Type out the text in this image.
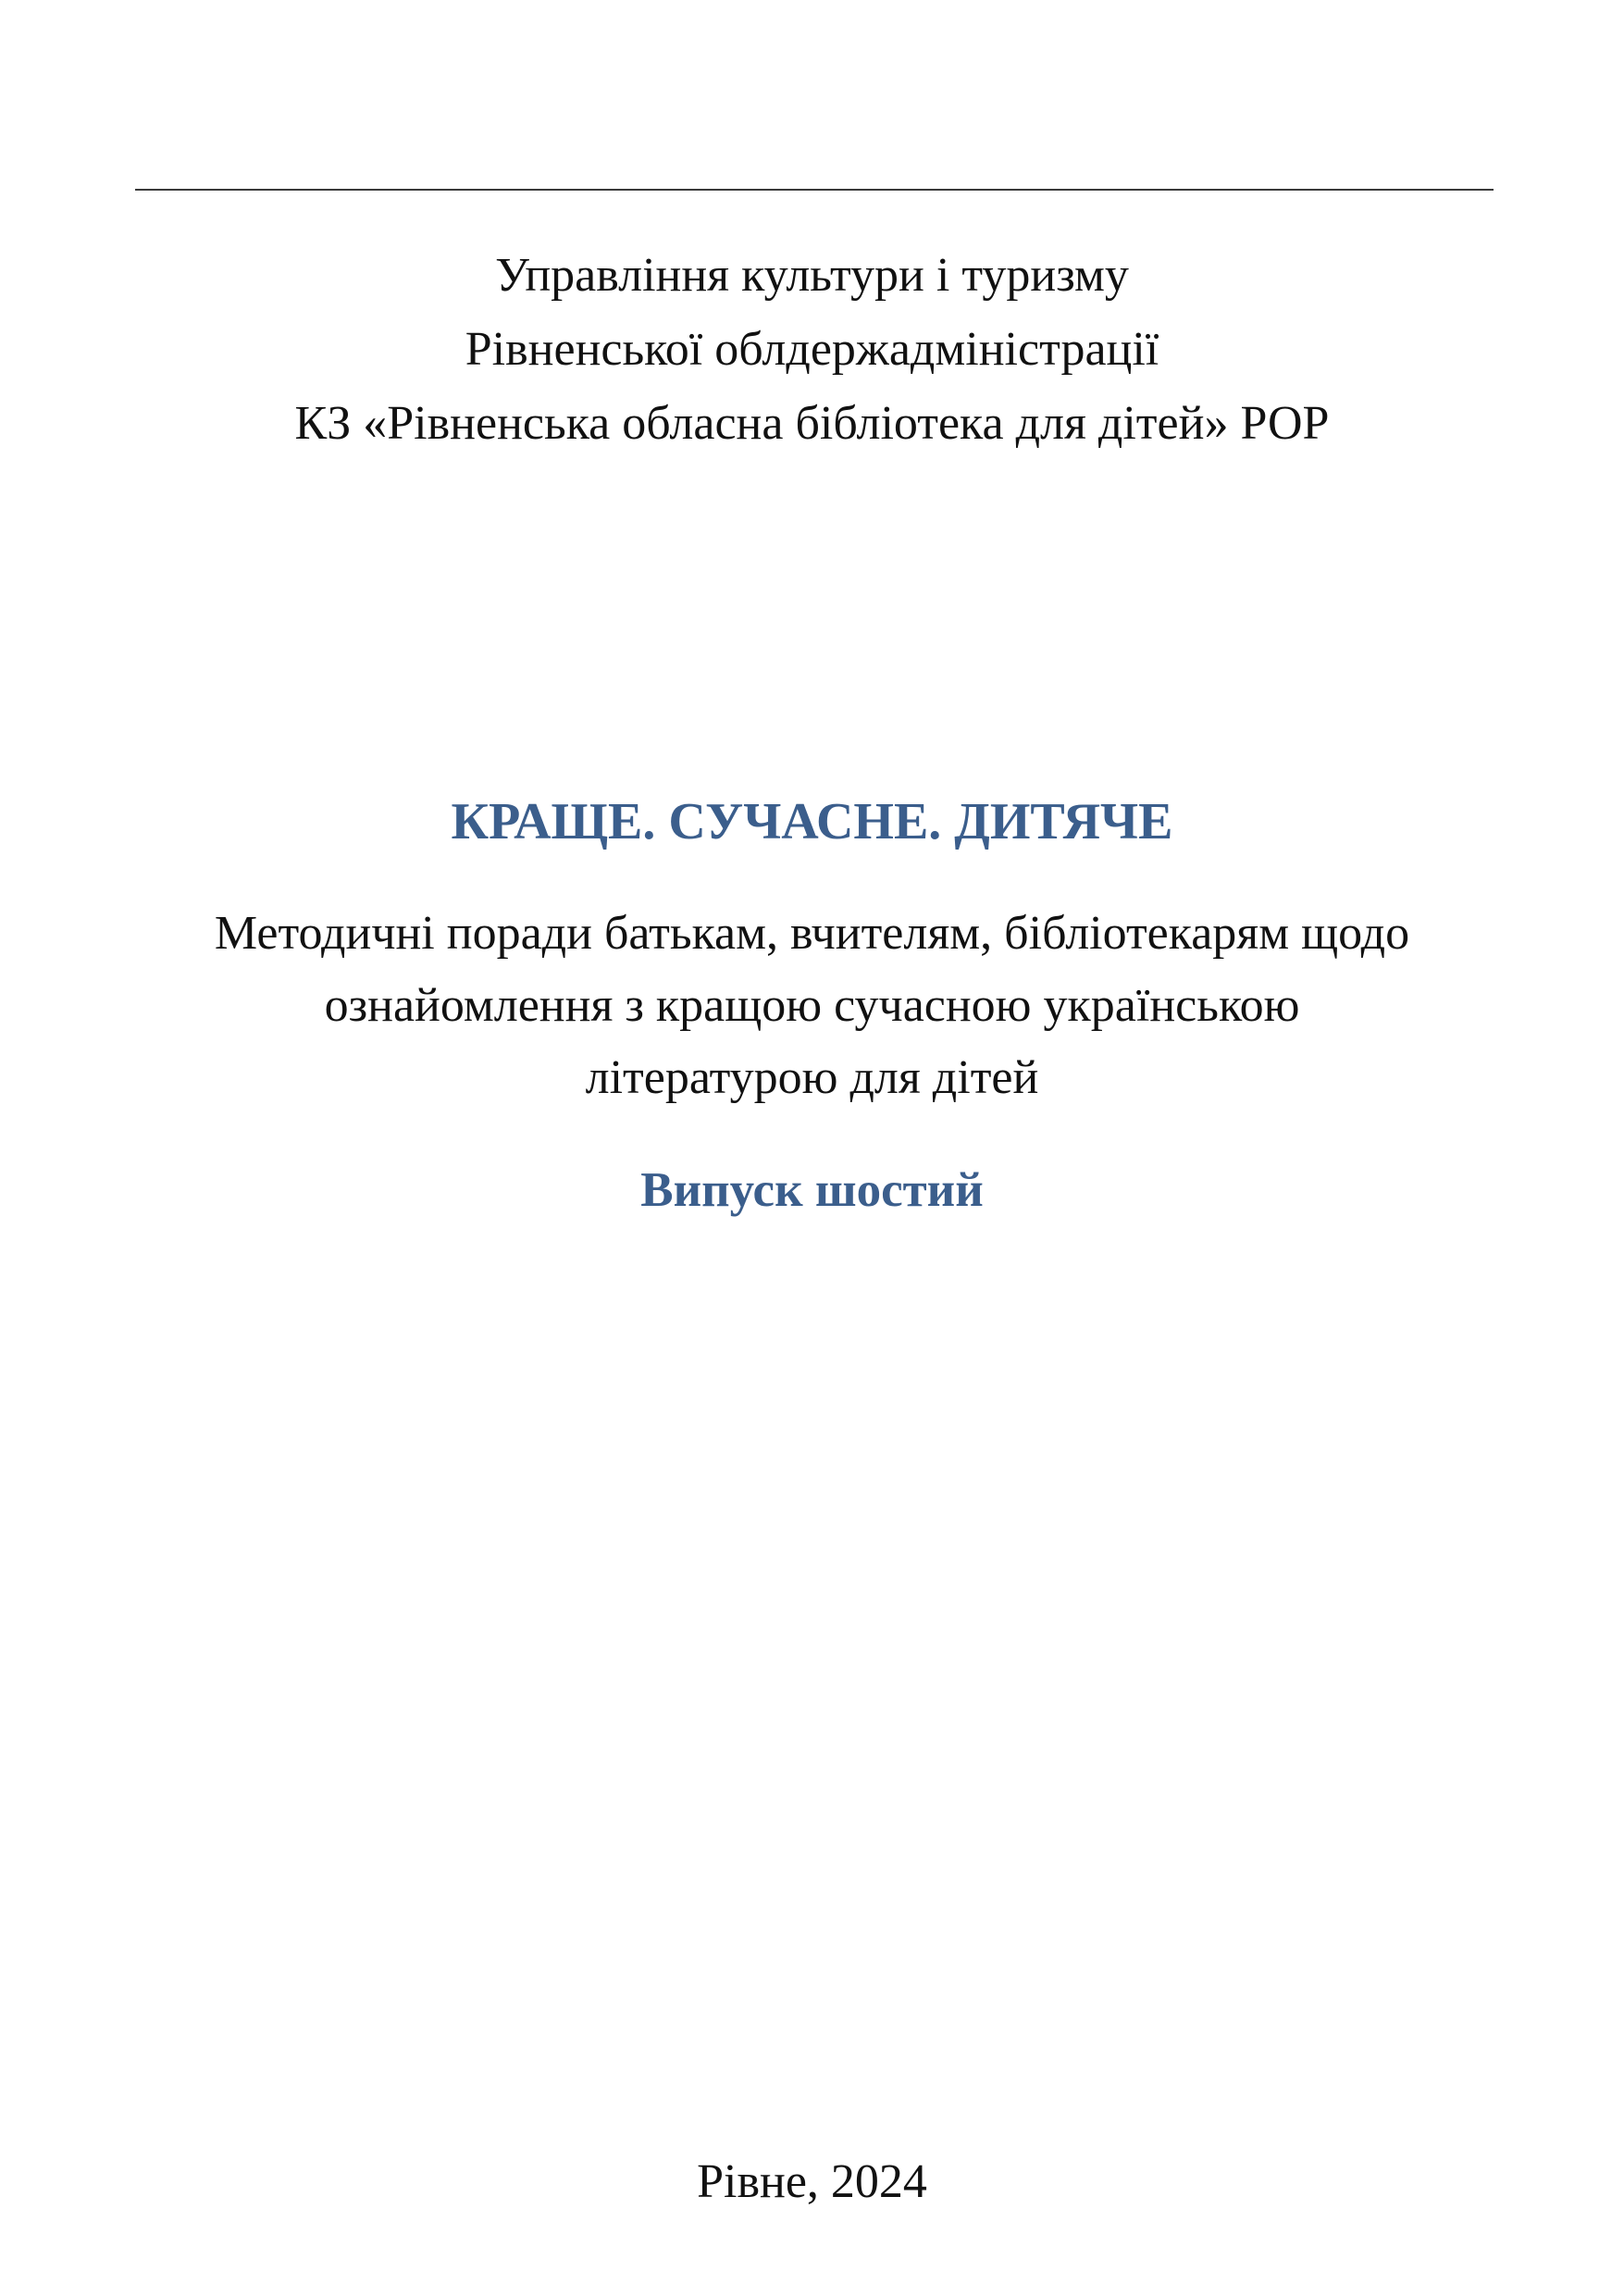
Управління культури і туризму
Рівненської облдержадміністрації
КЗ «Рівненська обласна бібліотека для дітей» РОР
КРАЩЕ. СУЧАСНЕ. ДИТЯЧЕ
Методичні поради батькам, вчителям, бібліотекарям щодо
ознайомлення з кращою сучасною українською
літературою для дітей
Випуск шостий
Рівне, 2024
